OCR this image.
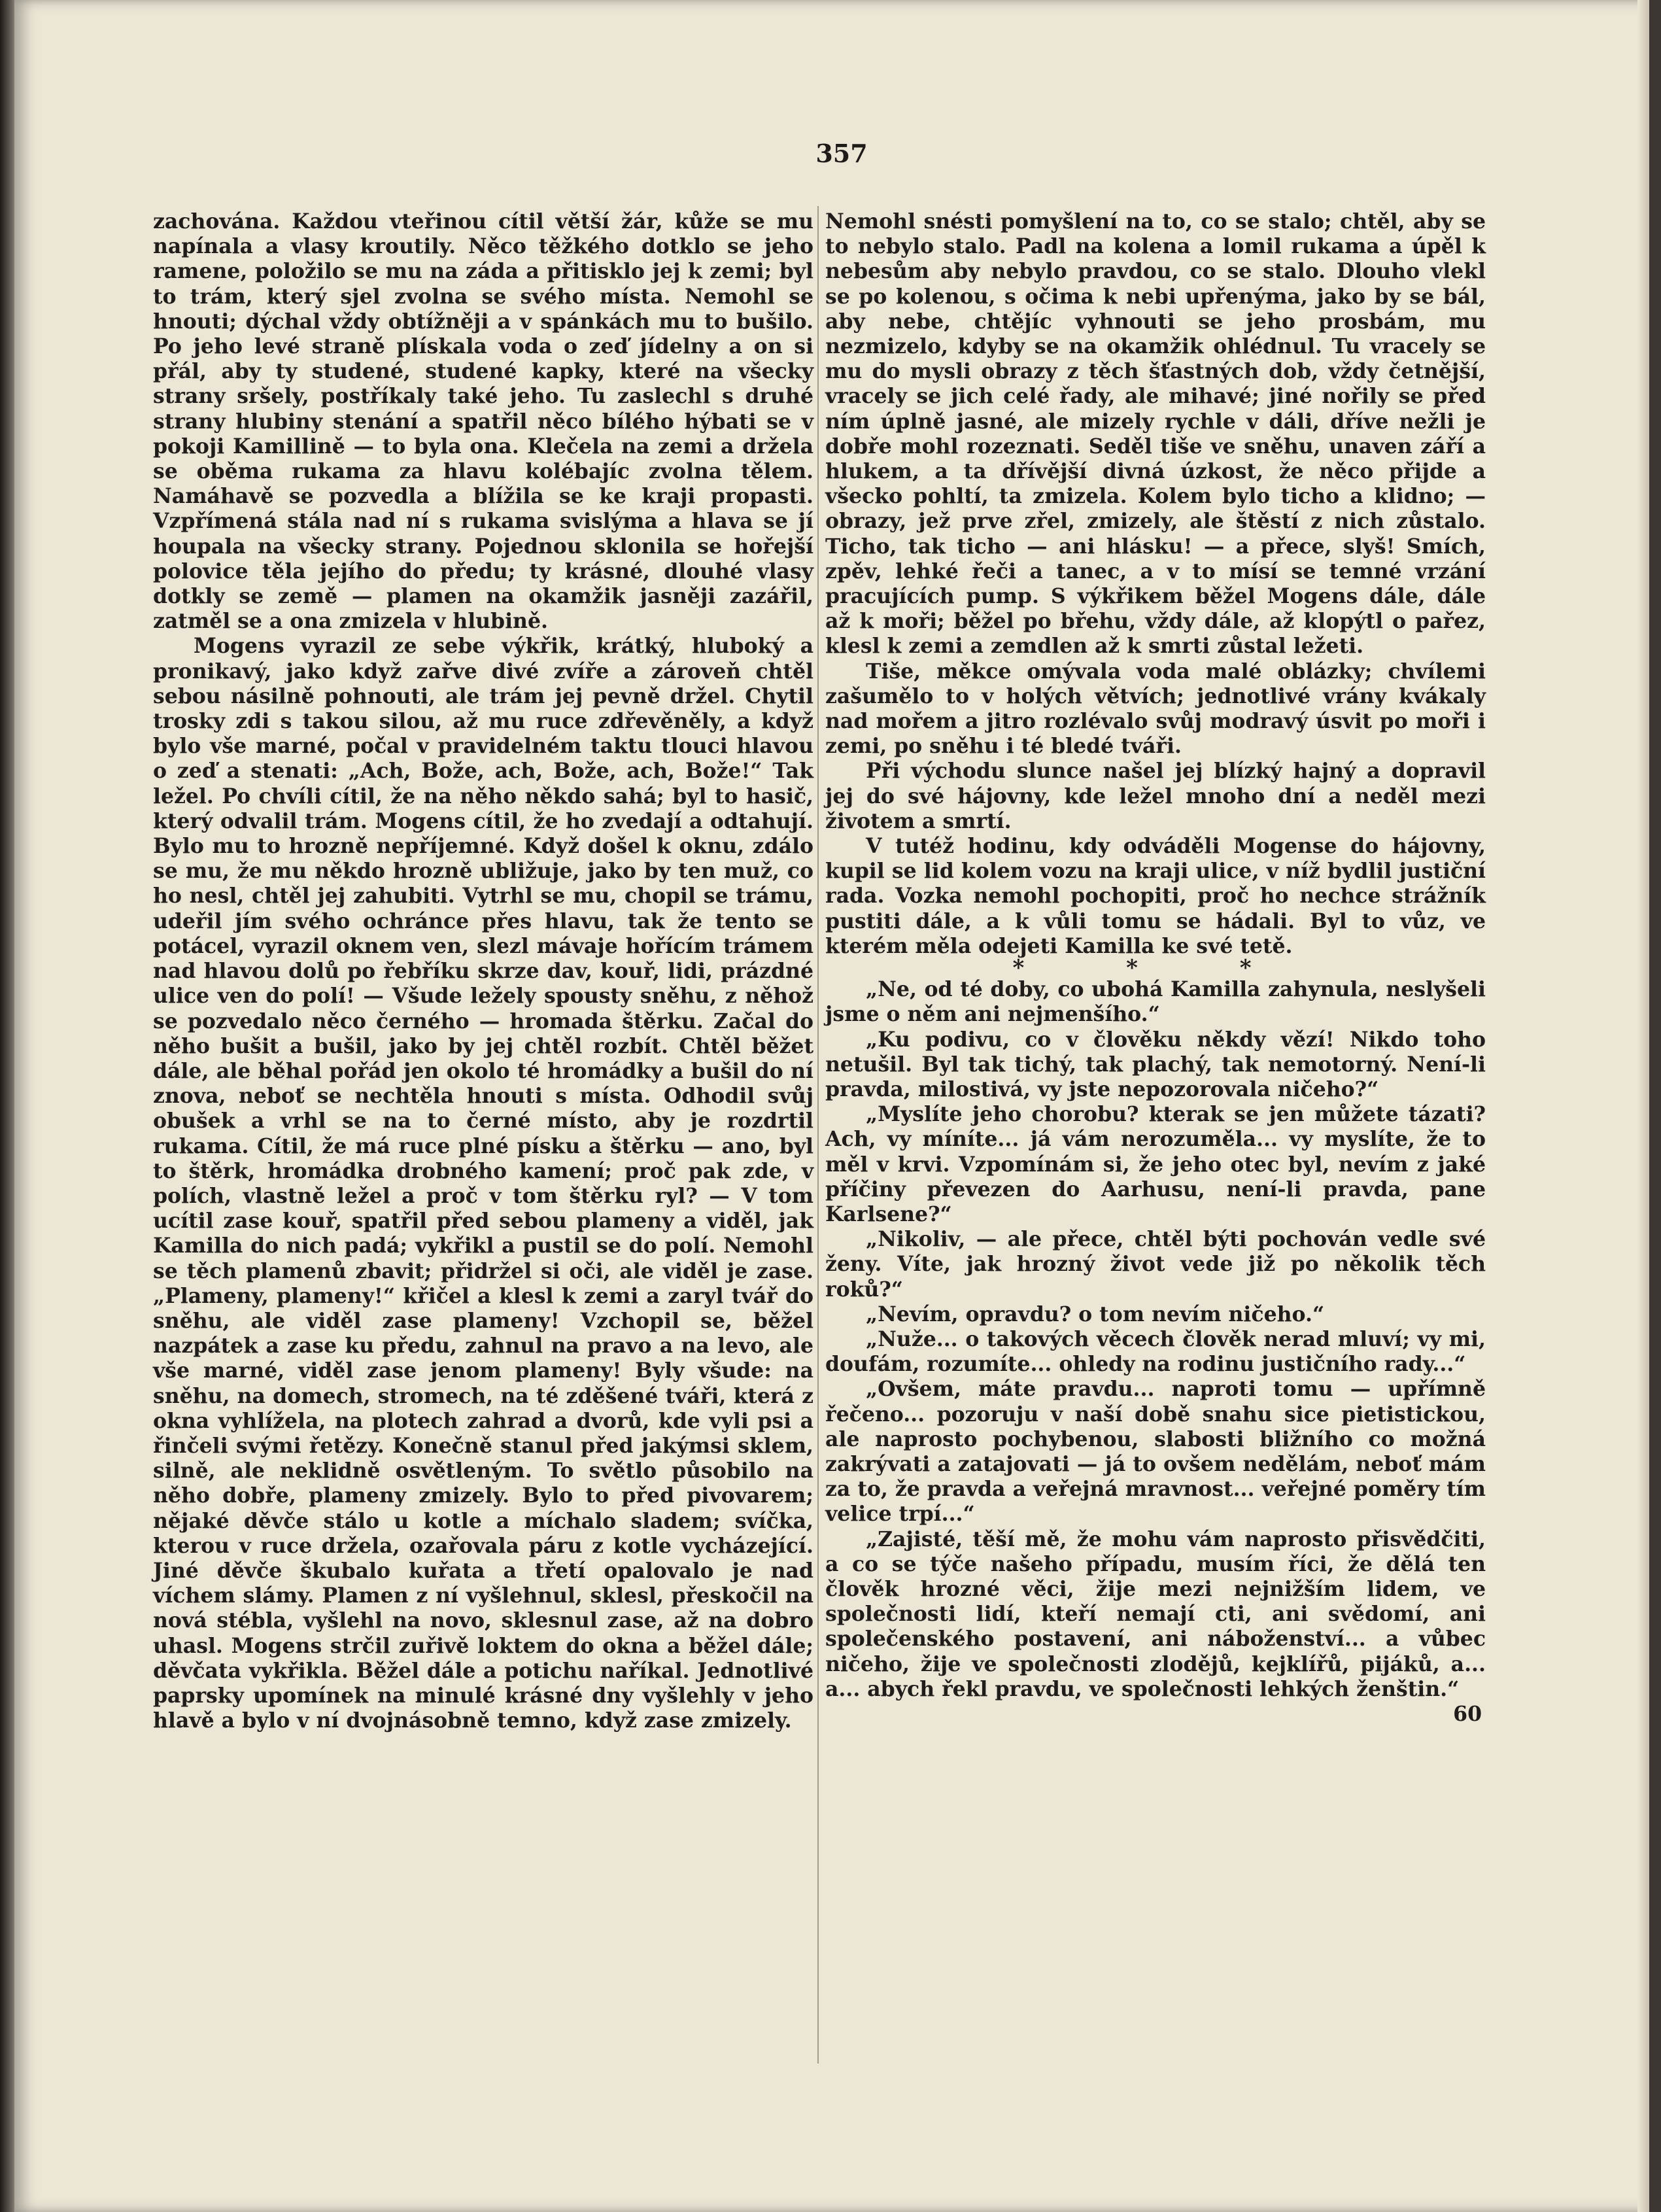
357

zachována. Každou vteřinou cítil větší žár, kůže se mu napínala a vlasy kroutily. Něco těžkého dotklo se jeho ramene, položilo se mu na záda a přitisklo jej k zemi; byl to trám, který sjel zvolna se svého místa. Nemohl se hnouti; dýchal vždy obtížněji a v spánkách mu to bušilo. Po jeho levé straně plískala voda o zeď jídelny a on si přál, aby ty studené, studené kapky, které na všecky strany sršely, postříkaly také jeho. Tu zaslechl s druhé strany hlubiny stenání a spatřil něco bílého hýbati se v pokoji Kamillině — to byla ona. Klečela na zemi a držela se oběma rukama za hlavu kolébajíc zvolna tělem. Namáhavě se pozvedla a blížila se ke kraji propasti. Vzpřímená stála nad ní s rukama svislýma a hlava se jí houpala na všecky strany. Pojednou sklonila se hořejší polovice těla jejího do předu; ty krásné, dlouhé vlasy dotkly se země — plamen na okamžik jasněji zazářil, zatměl se a ona zmizela v hlubině.

Mogens vyrazil ze sebe výkřik, krátký, hluboký a pronikavý, jako když zařve divé zvíře a zároveň chtěl sebou násilně pohnouti, ale trám jej pevně držel. Chytil trosky zdi s takou silou, až mu ruce zdřevěněly, a když bylo vše marné, počal v pravidelném taktu tlouci hlavou o zeď a stenati: „Ach, Bože, ach, Bože, ach, Bože!“ Tak ležel. Po chvíli cítil, že na něho někdo sahá; byl to hasič, který odvalil trám. Mogens cítil, že ho zvedají a odtahují. Bylo mu to hrozně nepříjemné. Když došel k oknu, zdálo se mu, že mu někdo hrozně ubližuje, jako by ten muž, co ho nesl, chtěl jej zahubiti. Vytrhl se mu, chopil se trámu, udeřil jím svého ochránce přes hlavu, tak že tento se potácel, vyrazil oknem ven, slezl mávaje hořícím trámem nad hlavou dolů po řebříku skrze dav, kouř, lidi, prázdné ulice ven do polí! — Všude ležely spousty sněhu, z něhož se pozvedalo něco černého — hromada štěrku. Začal do něho bušit a bušil, jako by jej chtěl rozbít. Chtěl běžet dále, ale běhal pořád jen okolo té hromádky a bušil do ní znova, neboť se nechtěla hnouti s místa. Odhodil svůj obušek a vrhl se na to černé místo, aby je rozdrtil rukama. Cítil, že má ruce plné písku a štěrku — ano, byl to štěrk, hromádka drobného kamení; proč pak zde, v polích, vlastně ležel a proč v tom štěrku ryl? — V tom ucítil zase kouř, spatřil před sebou plameny a viděl, jak Kamilla do nich padá; vykřikl a pustil se do polí. Nemohl se těch plamenů zbavit; přidržel si oči, ale viděl je zase. „Plameny, plameny!“ křičel a klesl k zemi a zaryl tvář do sněhu, ale viděl zase plameny! Vzchopil se, běžel nazpátek a zase ku předu, zahnul na pravo a na levo, ale vše marné, viděl zase jenom plameny! Byly všude: na sněhu, na domech, stromech, na té zděšené tváři, která z okna vyhlížela, na plotech zahrad a dvorů, kde vyli psi a řinčeli svými řetězy. Konečně stanul před jakýmsi sklem, silně, ale neklidně osvětleným. To světlo působilo na něho dobře, plameny zmizely. Bylo to před pivovarem; nějaké děvče stálo u kotle a míchalo sladem; svíčka, kterou v ruce držela, ozařovala páru z kotle vycházející. Jiné děvče škubalo kuřata a třetí opalovalo je nad víchem slámy. Plamen z ní vyšlehnul, sklesl, přeskočil na nová stébla, vyšlehl na novo, sklesnul zase, až na dobro uhasl. Mogens strčil zuřivě loktem do okna a běžel dále; děvčata vykřikla. Běžel dále a potichu naříkal. Jednotlivé paprsky upomínek na minulé krásné dny vyšlehly v jeho hlavě a bylo v ní dvojnásobně temno, když zase zmizely.

Nemohl snésti pomyšlení na to, co se stalo; chtěl, aby se to nebylo stalo. Padl na kolena a lomil rukama a úpěl k nebesům aby nebylo pravdou, co se stalo. Dlouho vlekl se po kolenou, s očima k nebi upřenýma, jako by se bál, aby nebe, chtějíc vyhnouti se jeho prosbám, mu nezmizelo, kdyby se na okamžik ohlédnul. Tu vracely se mu do mysli obrazy z těch šťastných dob, vždy četnější, vracely se jich celé řady, ale mihavé; jiné nořily se před ním úplně jasné, ale mizely rychle v dáli, dříve nežli je dobře mohl rozeznati. Seděl tiše ve sněhu, unaven září a hlukem, a ta dřívější divná úzkost, že něco přijde a všecko pohltí, ta zmizela. Kolem bylo ticho a klidno; — obrazy, jež prve zřel, zmizely, ale štěstí z nich zůstalo. Ticho, tak ticho — ani hlásku! — a přece, slyš! Smích, zpěv, lehké řeči a tanec, a v to mísí se temné vrzání pracujících pump. S výkřikem běžel Mogens dále, dále až k moři; běžel po břehu, vždy dále, až klopýtl o pařez, klesl k zemi a zemdlen až k smrti zůstal ležeti.

Tiše, měkce omývala voda malé oblázky; chvílemi zašumělo to v holých větvích; jednotlivé vrány kvákaly nad mořem a jitro rozlévalo svůj modravý úsvit po moři i zemi, po sněhu i té bledé tváři.

Při východu slunce našel jej blízký hajný a dopravil jej do své hájovny, kde ležel mnoho dní a neděl mezi životem a smrtí.

V tutéž hodinu, kdy odváděli Mogense do hájovny, kupil se lid kolem vozu na kraji ulice, v níž bydlil justiční rada. Vozka nemohl pochopiti, proč ho nechce strážník pustiti dále, a k vůli tomu se hádali. Byl to vůz, ve kterém měla odejeti Kamilla ke své tetě.

* * *

„Ne, od té doby, co ubohá Kamilla zahynula, neslyšeli jsme o něm ani nejmenšího.“

„Ku podivu, co v člověku někdy vězí! Nikdo toho netušil. Byl tak tichý, tak plachý, tak nemotorný. Není-li pravda, milostivá, vy jste nepozorovala ničeho?“

„Myslíte jeho chorobu? kterak se jen můžete tázati? Ach, vy míníte... já vám nerozuměla... vy myslíte, že to měl v krvi. Vzpomínám si, že jeho otec byl, nevím z jaké příčiny převezen do Aarhusu, není-li pravda, pane Karlsene?“

„Nikoliv, — ale přece, chtěl býti pochován vedle své ženy. Víte, jak hrozný život vede již po několik těch roků?“

„Nevím, opravdu? o tom nevím ničeho.“

„Nuže... o takových věcech člověk nerad mluví; vy mi, doufám, rozumíte... ohledy na rodinu justičního rady...“

„Ovšem, máte pravdu... naproti tomu — upřímně řečeno... pozoruju v naší době snahu sice pietistickou, ale naprosto pochybenou, slabosti bližního co možná zakrývati a zatajovati — já to ovšem nedělám, neboť mám za to, že pravda a veřejná mravnost... veřejné poměry tím velice trpí...“

„Zajisté, těší mě, že mohu vám naprosto přisvědčiti, a co se týče našeho případu, musím říci, že dělá ten člověk hrozné věci, žije mezi nejnižším lidem, ve společnosti lidí, kteří nemají cti, ani svědomí, ani společenského postavení, ani náboženství... a vůbec ničeho, žije ve společnosti zlodějů, kejklířů, pijáků, a... a... abych řekl pravdu, ve společnosti lehkých ženštin.“

60
